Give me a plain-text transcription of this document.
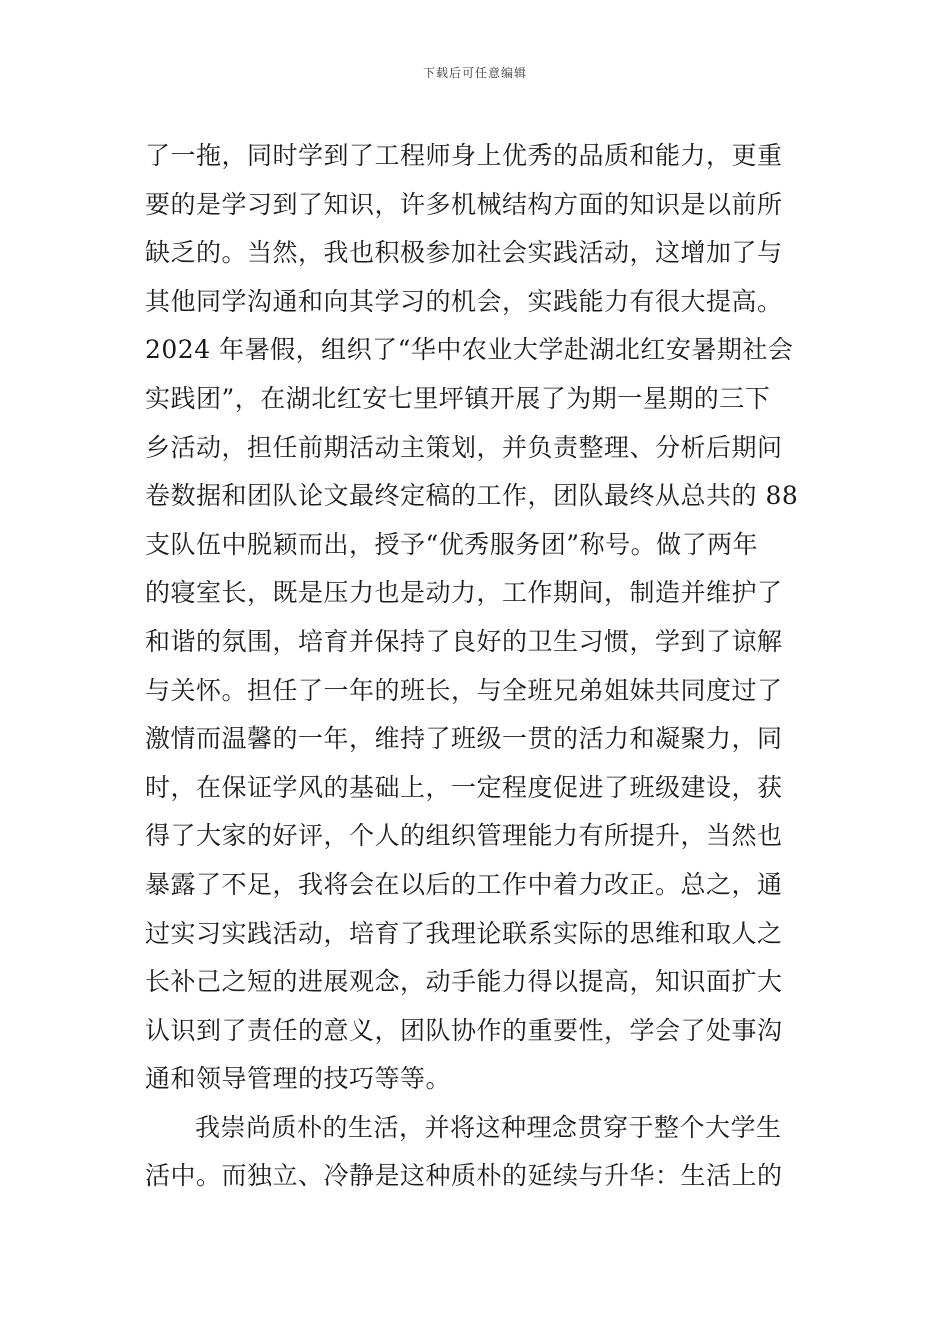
下载后可任意编辑
了一拖，同时学到了工程师身上优秀的品质和能力，更重
要的是学习到了知识，许多机械结构方面的知识是以前所
缺乏的。当然，我也积极参加社会实践活动，这增加了与
其他同学沟通和向其学习的机会，实践能力有很大提高。
2024 年暑假，组织了“华中农业大学赴湖北红安暑期社会
实践团”，在湖北红安七里坪镇开展了为期一星期的三下
乡活动，担任前期活动主策划，并负责整理、分析后期问
卷数据和团队论文最终定稿的工作，团队最终从总共的 88
支队伍中脱颖而出，授予“优秀服务团”称号。做了两年
的寝室长，既是压力也是动力，工作期间，制造并维护了
和谐的氛围，培育并保持了良好的卫生习惯，学到了谅解
与关怀。担任了一年的班长，与全班兄弟姐妹共同度过了
激情而温馨的一年，维持了班级一贯的活力和凝聚力，同
时，在保证学风的基础上，一定程度促进了班级建设，获
得了大家的好评，个人的组织管理能力有所提升，当然也
暴露了不足，我将会在以后的工作中着力改正。总之，通
过实习实践活动，培育了我理论联系实际的思维和取人之
长补己之短的进展观念，动手能力得以提高，知识面扩大
认识到了责任的意义，团队协作的重要性，学会了处事沟
通和领导管理的技巧等等。
我崇尚质朴的生活，并将这种理念贯穿于整个大学生
活中。而独立、冷静是这种质朴的延续与升华：生活上的
